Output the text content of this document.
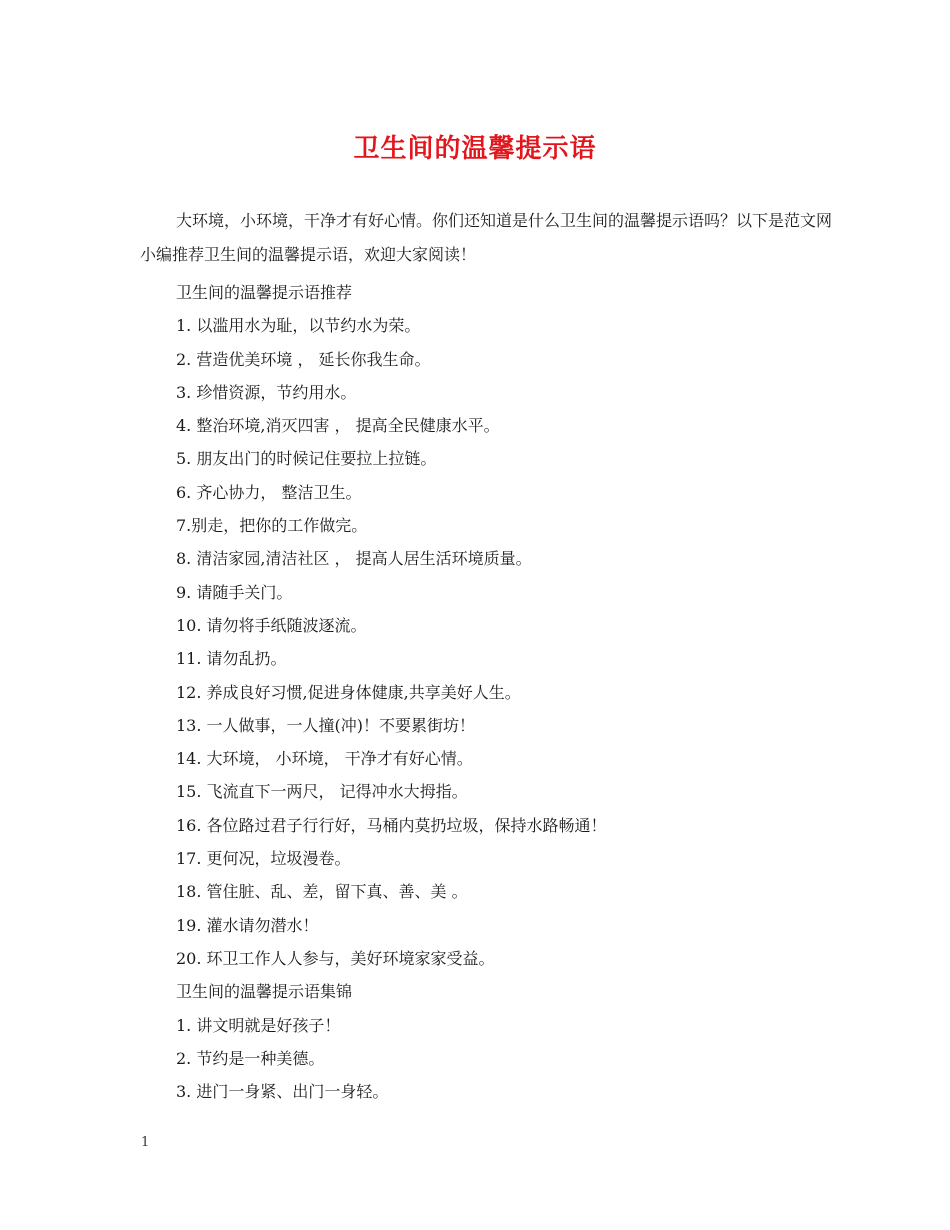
卫生间的温馨提示语

大环境，小环境，干净才有好心情。你们还知道是什么卫生间的温馨提示语吗？以下是范文网小编推荐卫生间的温馨提示语，欢迎大家阅读！

卫生间的温馨提示语推荐
1. 以滥用水为耻，以节约水为荣。
2. 营造优美环境 ， 延长你我生命。
3. 珍惜资源，节约用水。
4. 整治环境,消灭四害 ， 提高全民健康水平。
5. 朋友出门的时候记住要拉上拉链。
6. 齐心协力， 整洁卫生。
7.别走，把你的工作做完。
8. 清洁家园,清洁社区 ， 提高人居生活环境质量。
9. 请随手关门。
10. 请勿将手纸随波逐流。
11. 请勿乱扔。
12. 养成良好习惯,促进身体健康,共享美好人生。
13. 一人做事，一人撞(冲)！不要累街坊！
14. 大环境， 小环境， 干净才有好心情。
15. 飞流直下一两尺， 记得冲水大拇指。
16. 各位路过君子行行好，马桶内莫扔垃圾，保持水路畅通！
17. 更何况，垃圾漫卷。
18. 管住脏、乱、差，留下真、善、美 。
19. 灌水请勿潜水！
20. 环卫工作人人参与，美好环境家家受益。
卫生间的温馨提示语集锦
1. 讲文明就是好孩子！
2. 节约是一种美德。
3. 进门一身紧、出门一身轻。
1
